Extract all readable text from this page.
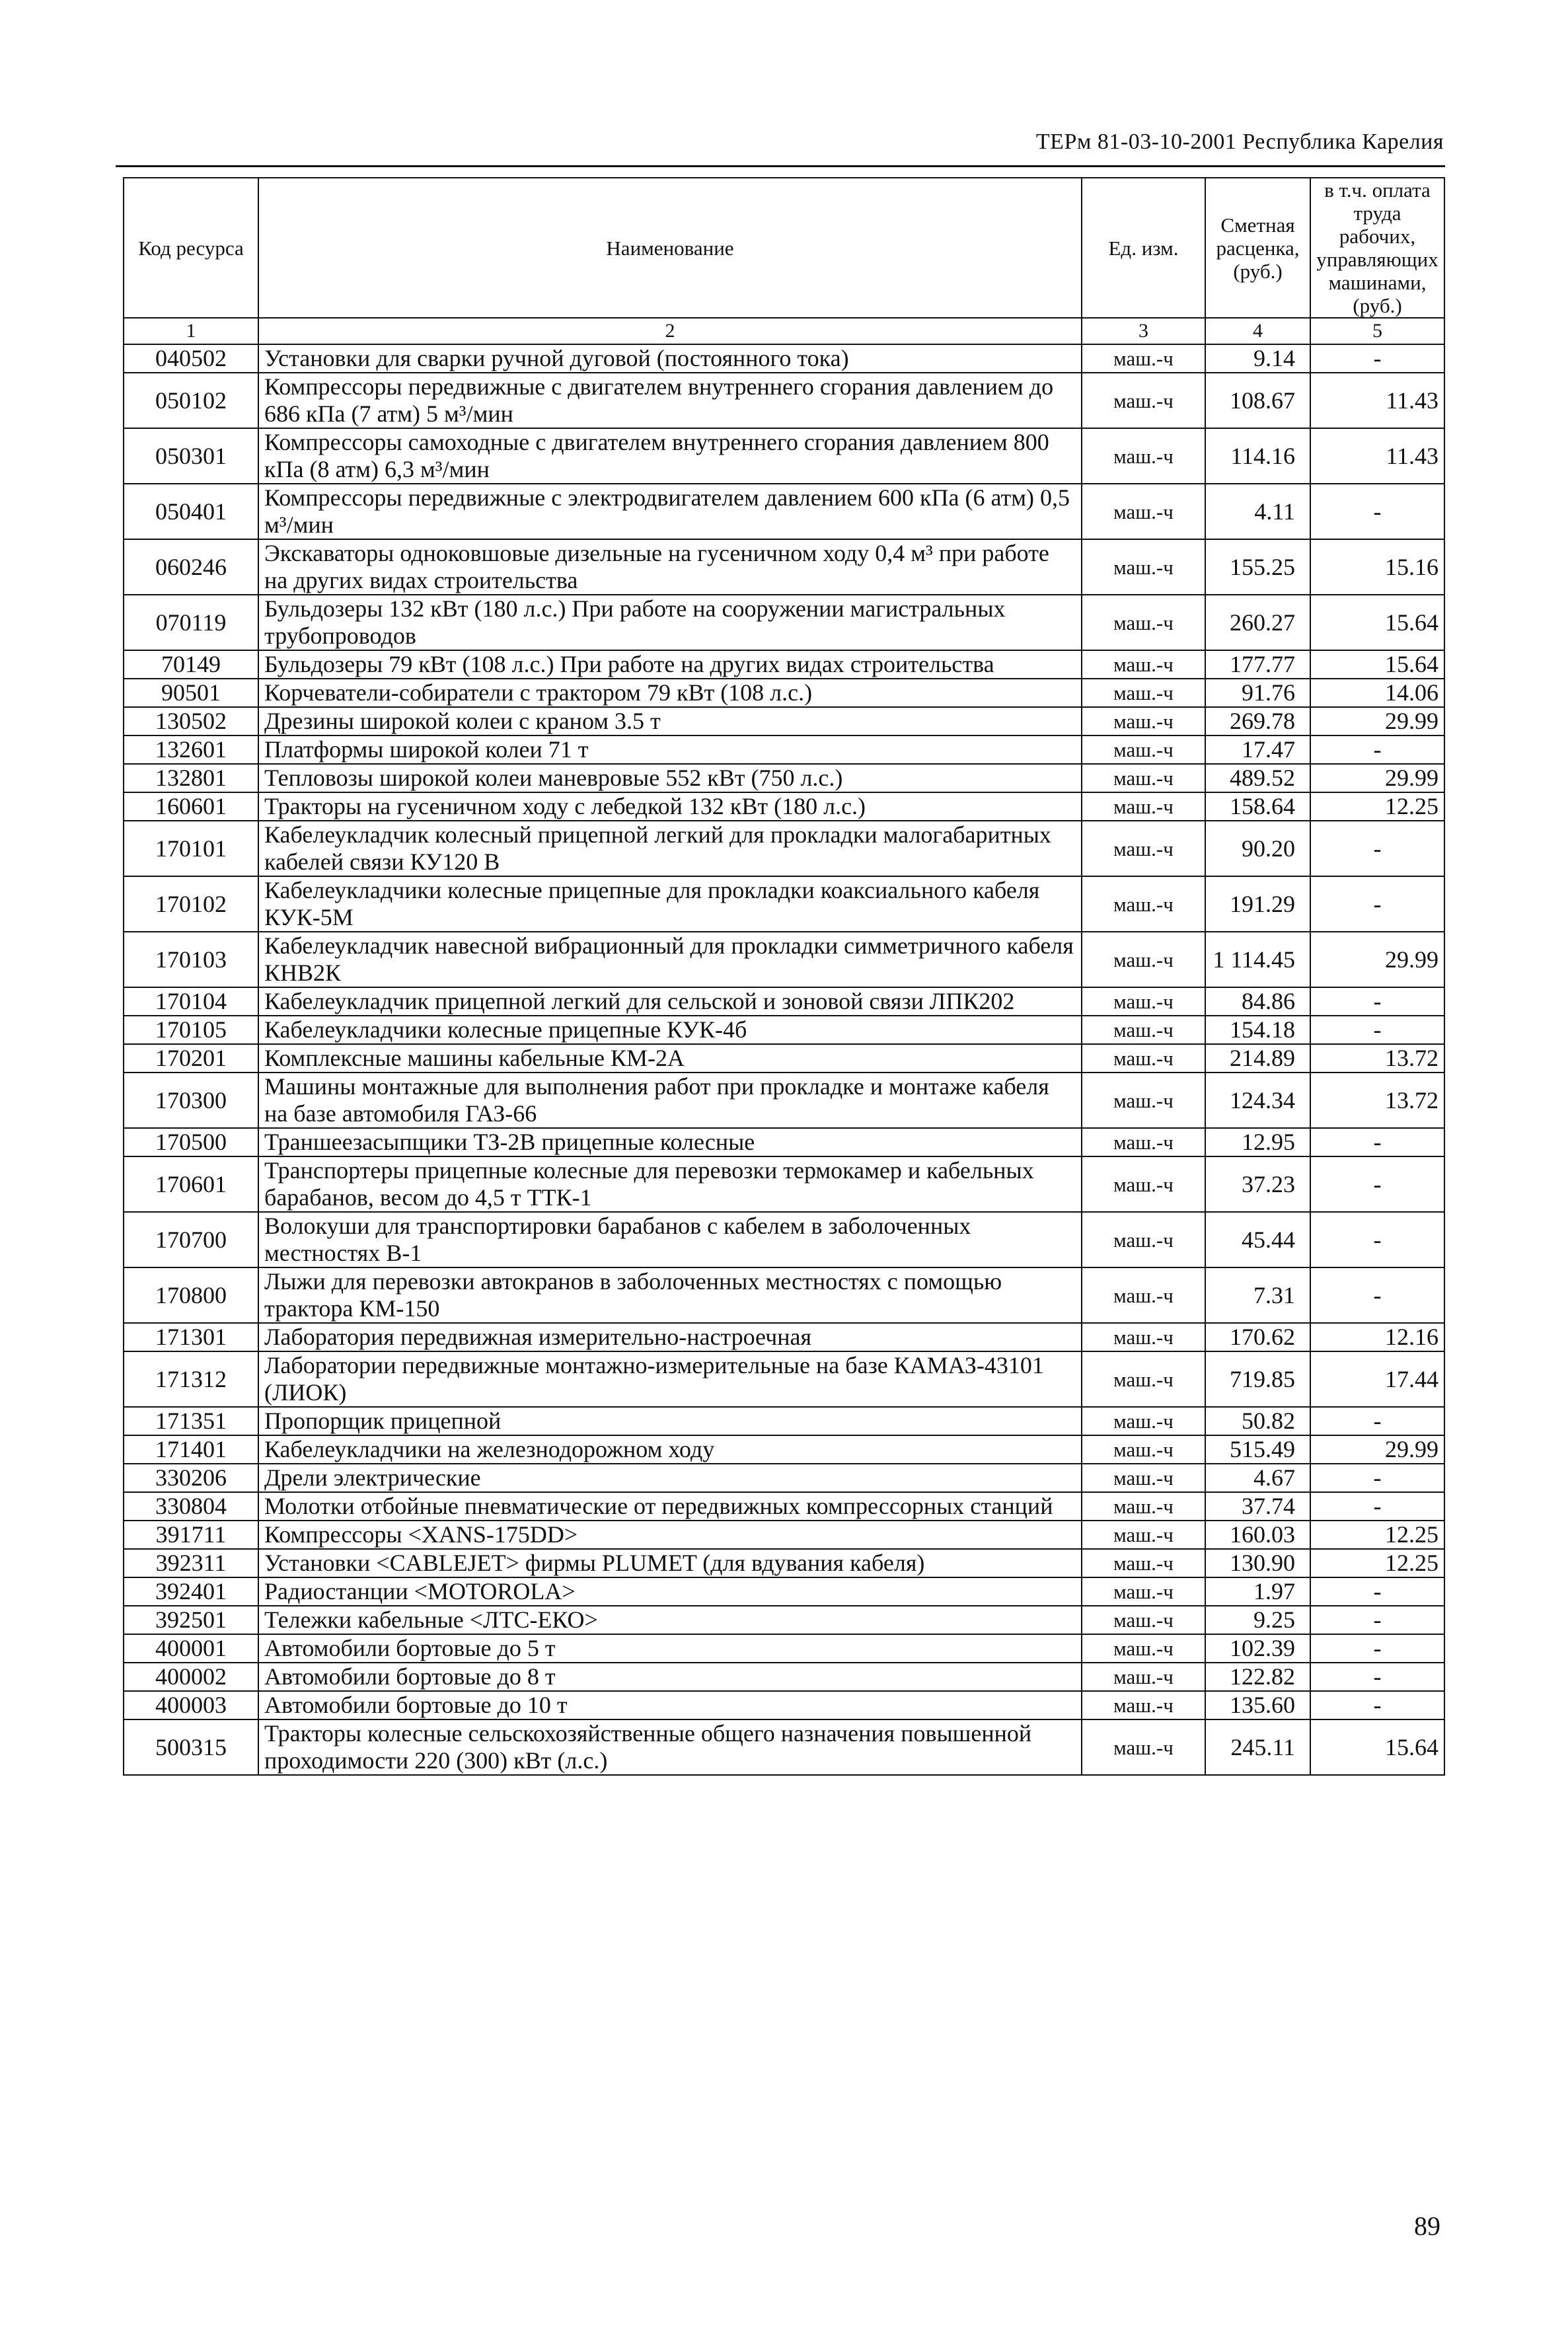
ТЕРм 81-03-10-2001 Республика Карелия
Код ресурса	Наименование	Ед. изм.	Сметная расценка, (руб.)	в т.ч. оплата труда рабочих, управляющих машинами, (руб.)
1	2	3	4	5
040502	Установки для сварки ручной дуговой (постоянного тока)	маш.-ч	9.14	-
050102	Компрессоры передвижные с двигателем внутреннего сгорания давлением до 686 кПа (7 атм) 5 м³/мин	маш.-ч	108.67	11.43
050301	Компрессоры самоходные с двигателем внутреннего сгорания давлением 800 кПа (8 атм) 6,3 м³/мин	маш.-ч	114.16	11.43
050401	Компрессоры передвижные с электродвигателем давлением 600 кПа (6 атм) 0,5 м³/мин	маш.-ч	4.11	-
060246	Экскаваторы одноковшовые дизельные на гусеничном ходу 0,4 м³ при работе на других видах строительства	маш.-ч	155.25	15.16
070119	Бульдозеры 132 кВт (180 л.с.) При работе на сооружении магистральных трубопроводов	маш.-ч	260.27	15.64
70149	Бульдозеры 79 кВт (108 л.с.) При работе на других видах строительства	маш.-ч	177.77	15.64
90501	Корчеватели-собиратели с трактором 79 кВт (108 л.с.)	маш.-ч	91.76	14.06
130502	Дрезины широкой колеи с краном 3.5 т	маш.-ч	269.78	29.99
132601	Платформы широкой колеи 71 т	маш.-ч	17.47	-
132801	Тепловозы широкой колеи маневровые 552 кВт (750 л.с.)	маш.-ч	489.52	29.99
160601	Тракторы на гусеничном ходу с лебедкой 132 кВт (180 л.с.)	маш.-ч	158.64	12.25
170101	Кабелеукладчик колесный прицепной легкий для прокладки малогабаритных кабелей связи КУ120 В	маш.-ч	90.20	-
170102	Кабелеукладчики колесные прицепные для прокладки коаксиального кабеля КУК-5М	маш.-ч	191.29	-
170103	Кабелеукладчик навесной вибрационный для прокладки симметричного кабеля КНВ2К	маш.-ч	1 114.45	29.99
170104	Кабелеукладчик прицепной легкий для сельской и зоновой связи ЛПК202	маш.-ч	84.86	-
170105	Кабелеукладчики колесные прицепные КУК-4б	маш.-ч	154.18	-
170201	Комплексные машины кабельные КМ-2А	маш.-ч	214.89	13.72
170300	Машины монтажные для выполнения работ при прокладке и монтаже кабеля на базе автомобиля ГАЗ-66	маш.-ч	124.34	13.72
170500	Траншеезасыпщики ТЗ-2В прицепные колесные	маш.-ч	12.95	-
170601	Транспортеры прицепные колесные для перевозки термокамер и кабельных барабанов, весом до 4,5 т ТТК-1	маш.-ч	37.23	-
170700	Волокуши для транспортировки барабанов с кабелем в заболоченных местностях В-1	маш.-ч	45.44	-
170800	Лыжи для перевозки автокранов в заболоченных местностях с помощью трактора КМ-150	маш.-ч	7.31	-
171301	Лаборатория передвижная измерительно-настроечная	маш.-ч	170.62	12.16
171312	Лаборатории передвижные монтажно-измерительные на базе КАМАЗ-43101 (ЛИОК)	маш.-ч	719.85	17.44
171351	Пропорщик прицепной	маш.-ч	50.82	-
171401	Кабелеукладчики на железнодорожном ходу	маш.-ч	515.49	29.99
330206	Дрели электрические	маш.-ч	4.67	-
330804	Молотки отбойные пневматические от передвижных компрессорных станций	маш.-ч	37.74	-
391711	Компрессоры <XANS-175DD>	маш.-ч	160.03	12.25
392311	Установки <CABLEJET> фирмы PLUMET (для вдувания кабеля)	маш.-ч	130.90	12.25
392401	Радиостанции <MOTOROLA>	маш.-ч	1.97	-
392501	Тележки кабельные <ЛТС-ЕКО>	маш.-ч	9.25	-
400001	Автомобили бортовые до 5 т	маш.-ч	102.39	-
400002	Автомобили бортовые до 8 т	маш.-ч	122.82	-
400003	Автомобили бортовые до 10 т	маш.-ч	135.60	-
500315	Тракторы колесные сельскохозяйственные общего назначения повышенной проходимости 220 (300) кВт (л.с.)	маш.-ч	245.11	15.64
89
